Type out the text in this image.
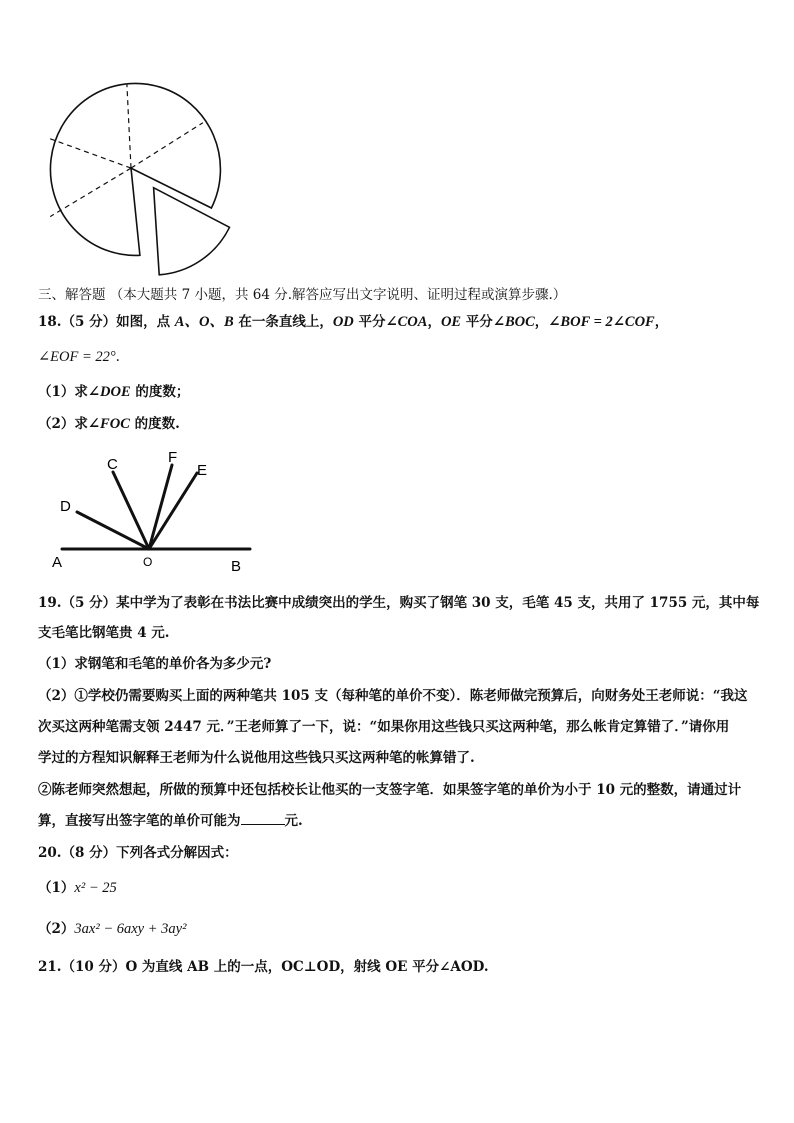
三、解答题 （本大题共 7 小题，共 64 分.解答应写出文字说明、证明过程或演算步骤.）
18.（5 分）如图，点 A、O、B 在一条直线上，OD 平分∠COA，OE 平分∠BOC，∠BOF = 2∠COF，
∠EOF = 22°.
（1）求∠DOE 的度数；
（2）求∠FOC 的度数.
C	F
E
D
A	O	B
19.（5 分）某中学为了表彰在书法比赛中成绩突出的学生，购买了钢笔 30 支，毛笔 45 支，共用了 1755 元，其中每
支毛笔比钢笔贵 4 元.
（1）求钢笔和毛笔的单价各为多少元?
（2）①学校仍需要购买上面的两种笔共 105 支（每种笔的单价不变）．陈老师做完预算后，向财务处王老师说：“我这
次买这两种笔需支领 2447 元．”王老师算了一下，说：“如果你用这些钱只买这两种笔，那么帐肯定算错了．”请你用
学过的方程知识解释王老师为什么说他用这些钱只买这两种笔的帐算错了.
②陈老师突然想起，所做的预算中还包括校长让他买的一支签字笔．如果签字笔的单价为小于 10 元的整数，请通过计
算，直接写出签字笔的单价可能为	元.
20.（8 分）下列各式分解因式：
（1）x² − 25
（2）3ax² − 6axy + 3ay²
21.（10 分）O 为直线 AB 上的一点，OC⊥OD，射线 OE 平分∠AOD.
